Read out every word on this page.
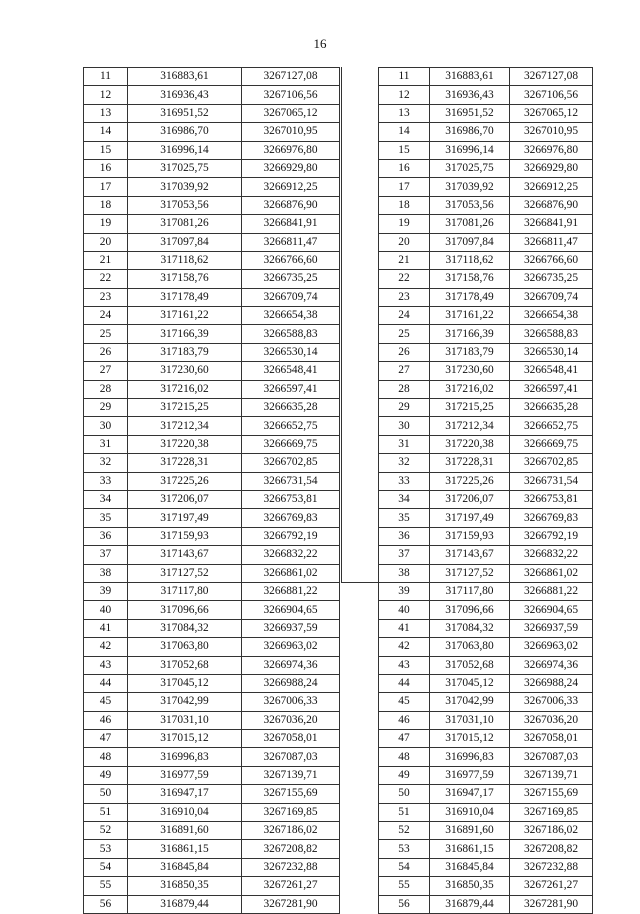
16
11	316883,61	3267127,08
12	316936,43	3267106,56
13	316951,52	3267065,12
14	316986,70	3267010,95
15	316996,14	3266976,80
16	317025,75	3266929,80
17	317039,92	3266912,25
18	317053,56	3266876,90
19	317081,26	3266841,91
20	317097,84	3266811,47
21	317118,62	3266766,60
22	317158,76	3266735,25
23	317178,49	3266709,74
24	317161,22	3266654,38
25	317166,39	3266588,83
26	317183,79	3266530,14
27	317230,60	3266548,41
28	317216,02	3266597,41
29	317215,25	3266635,28
30	317212,34	3266652,75
31	317220,38	3266669,75
32	317228,31	3266702,85
33	317225,26	3266731,54
34	317206,07	3266753,81
35	317197,49	3266769,83
36	317159,93	3266792,19
37	317143,67	3266832,22
38	317127,52	3266861,02
39	317117,80	3266881,22
40	317096,66	3266904,65
41	317084,32	3266937,59
42	317063,80	3266963,02
43	317052,68	3266974,36
44	317045,12	3266988,24
45	317042,99	3267006,33
46	317031,10	3267036,20
47	317015,12	3267058,01
48	316996,83	3267087,03
49	316977,59	3267139,71
50	316947,17	3267155,69
51	316910,04	3267169,85
52	316891,60	3267186,02
53	316861,15	3267208,82
54	316845,84	3267232,88
55	316850,35	3267261,27
56	316879,44	3267281,90
11	316883,61	3267127,08
12	316936,43	3267106,56
13	316951,52	3267065,12
14	316986,70	3267010,95
15	316996,14	3266976,80
16	317025,75	3266929,80
17	317039,92	3266912,25
18	317053,56	3266876,90
19	317081,26	3266841,91
20	317097,84	3266811,47
21	317118,62	3266766,60
22	317158,76	3266735,25
23	317178,49	3266709,74
24	317161,22	3266654,38
25	317166,39	3266588,83
26	317183,79	3266530,14
27	317230,60	3266548,41
28	317216,02	3266597,41
29	317215,25	3266635,28
30	317212,34	3266652,75
31	317220,38	3266669,75
32	317228,31	3266702,85
33	317225,26	3266731,54
34	317206,07	3266753,81
35	317197,49	3266769,83
36	317159,93	3266792,19
37	317143,67	3266832,22
38	317127,52	3266861,02
39	317117,80	3266881,22
40	317096,66	3266904,65
41	317084,32	3266937,59
42	317063,80	3266963,02
43	317052,68	3266974,36
44	317045,12	3266988,24
45	317042,99	3267006,33
46	317031,10	3267036,20
47	317015,12	3267058,01
48	316996,83	3267087,03
49	316977,59	3267139,71
50	316947,17	3267155,69
51	316910,04	3267169,85
52	316891,60	3267186,02
53	316861,15	3267208,82
54	316845,84	3267232,88
55	316850,35	3267261,27
56	316879,44	3267281,90
